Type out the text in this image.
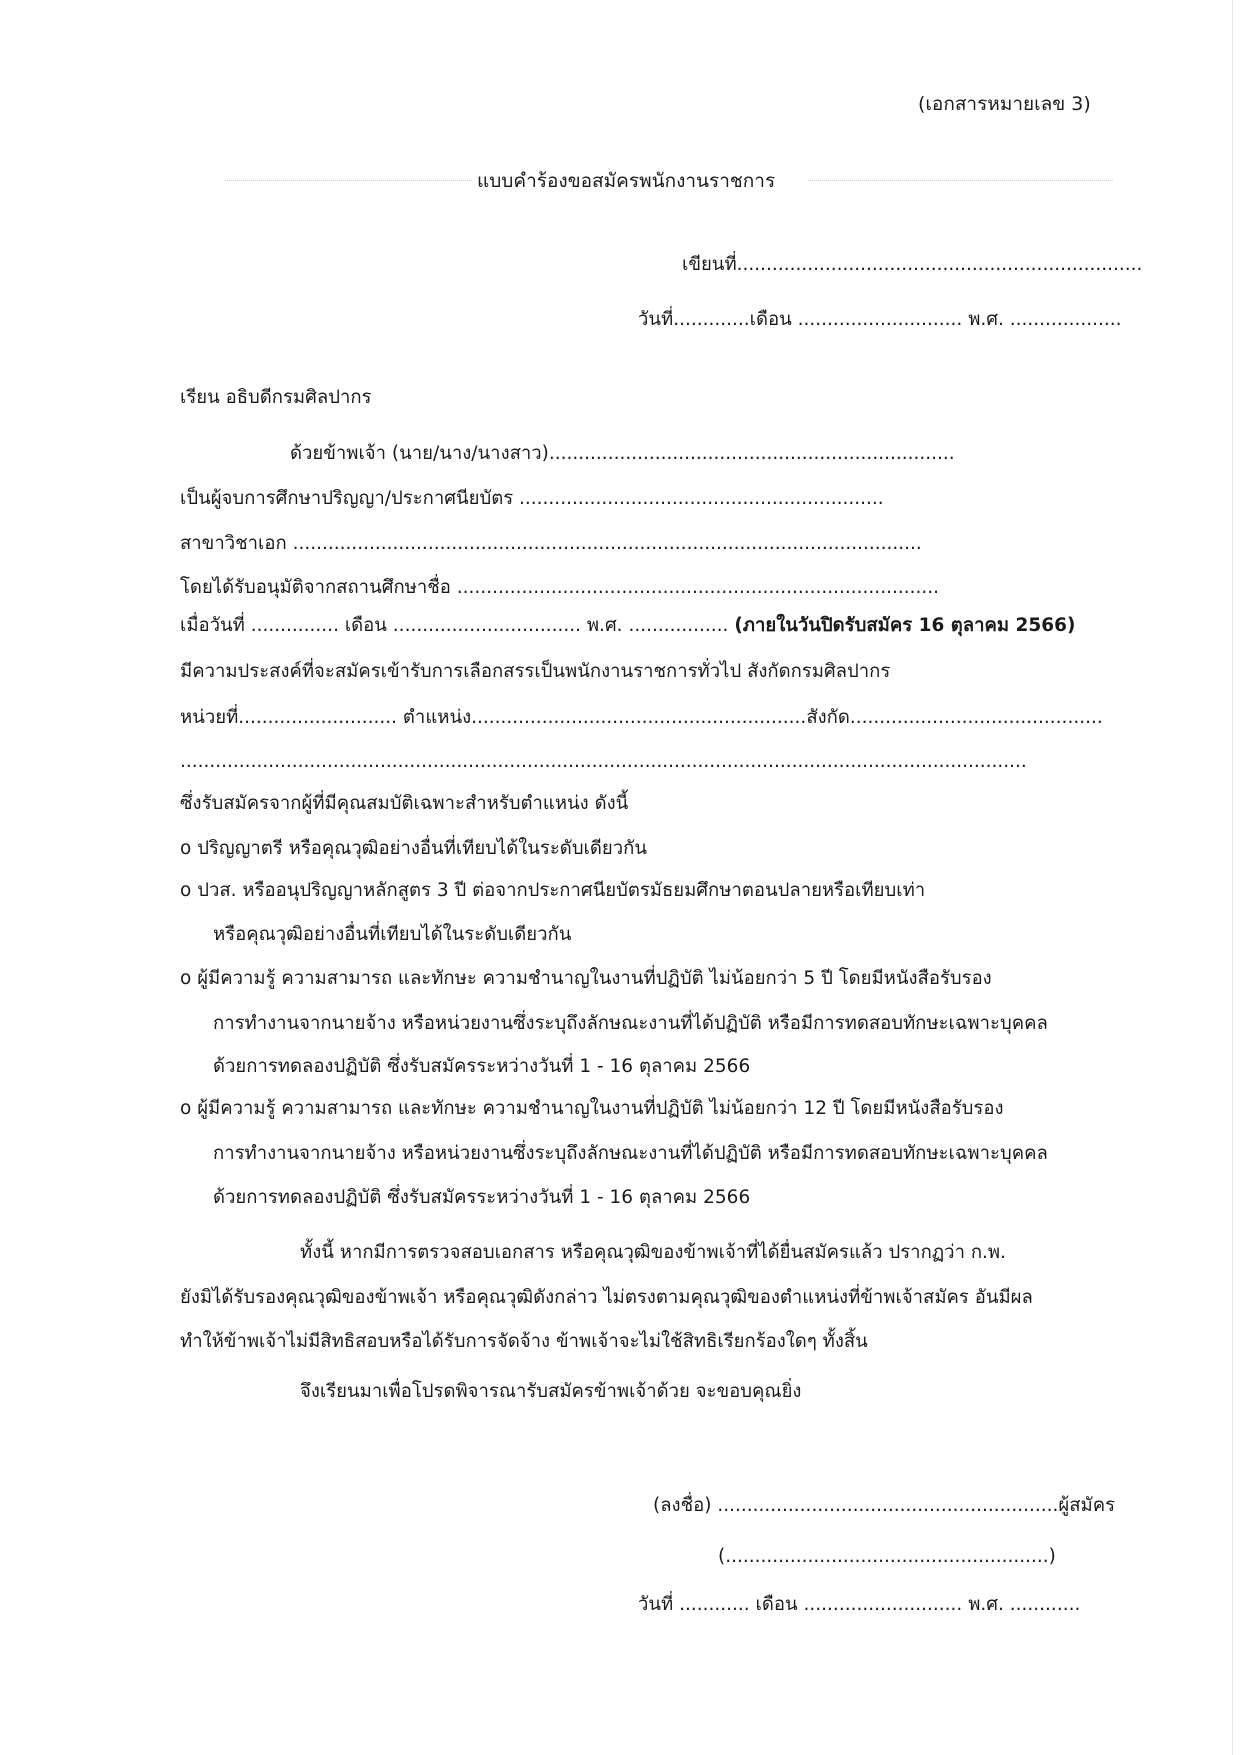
(เอกสารหมายเลข 3)
แบบคำร้องขอสมัครพนักงานราชการ
เขียนที่.....................................................................
วันที่.............เดือน ............................ พ.ศ. ...................
เรียน อธิบดีกรมศิลปากร
ด้วยข้าพเจ้า (นาย/นาง/นางสาว).....................................................................
เป็นผู้จบการศึกษาปริญญา/ประกาศนียบัตร ..............................................................
สาขาวิชาเอก ...........................................................................................................
โดยได้รับอนุมัติจากสถานศึกษาชื่อ ..................................................................................
เมื่อวันที่ ............... เดือน ................................ พ.ศ. ................. (ภายในวันปิดรับสมัคร 16 ตุลาคม 2566)
มีความประสงค์ที่จะสมัครเข้ารับการเลือกสรรเป็นพนักงานราชการทั่วไป สังกัดกรมศิลปากร
หน่วยที่........................... ตำแหน่ง.........................................................สังกัด...........................................
................................................................................................................................................
ซึ่งรับสมัครจากผู้ที่มีคุณสมบัติเฉพาะสำหรับตำแหน่ง ดังนี้
o ปริญญาตรี หรือคุณวุฒิอย่างอื่นที่เทียบได้ในระดับเดียวกัน
o ปวส. หรืออนุปริญญาหลักสูตร 3 ปี ต่อจากประกาศนียบัตรมัธยมศึกษาตอนปลายหรือเทียบเท่า
หรือคุณวุฒิอย่างอื่นที่เทียบได้ในระดับเดียวกัน
o ผู้มีความรู้ ความสามารถ และทักษะ ความชำนาญในงานที่ปฏิบัติ ไม่น้อยกว่า 5 ปี โดยมีหนังสือรับรอง
การทำงานจากนายจ้าง หรือหน่วยงานซึ่งระบุถึงลักษณะงานที่ได้ปฏิบัติ หรือมีการทดสอบทักษะเฉพาะบุคคล
ด้วยการทดลองปฏิบัติ ซึ่งรับสมัครระหว่างวันที่ 1 - 16 ตุลาคม 2566
o ผู้มีความรู้ ความสามารถ และทักษะ ความชำนาญในงานที่ปฏิบัติ ไม่น้อยกว่า 12 ปี โดยมีหนังสือรับรอง
การทำงานจากนายจ้าง หรือหน่วยงานซึ่งระบุถึงลักษณะงานที่ได้ปฏิบัติ หรือมีการทดสอบทักษะเฉพาะบุคคล
ด้วยการทดลองปฏิบัติ ซึ่งรับสมัครระหว่างวันที่ 1 - 16 ตุลาคม 2566
ทั้งนี้ หากมีการตรวจสอบเอกสาร หรือคุณวุฒิของข้าพเจ้าที่ได้ยื่นสมัครแล้ว ปรากฏว่า ก.พ.
ยังมิได้รับรองคุณวุฒิของข้าพเจ้า หรือคุณวุฒิดังกล่าว ไม่ตรงตามคุณวุฒิของตำแหน่งที่ข้าพเจ้าสมัคร อันมีผล
ทำให้ข้าพเจ้าไม่มีสิทธิสอบหรือได้รับการจัดจ้าง ข้าพเจ้าจะไม่ใช้สิทธิเรียกร้องใดๆ ทั้งสิ้น
จึงเรียนมาเพื่อโปรดพิจารณารับสมัครข้าพเจ้าด้วย จะขอบคุณยิ่ง
(ลงชื่อ) ..........................................................ผู้สมัคร
(.......................................................)
วันที่ ............ เดือน ........................... พ.ศ. ............
